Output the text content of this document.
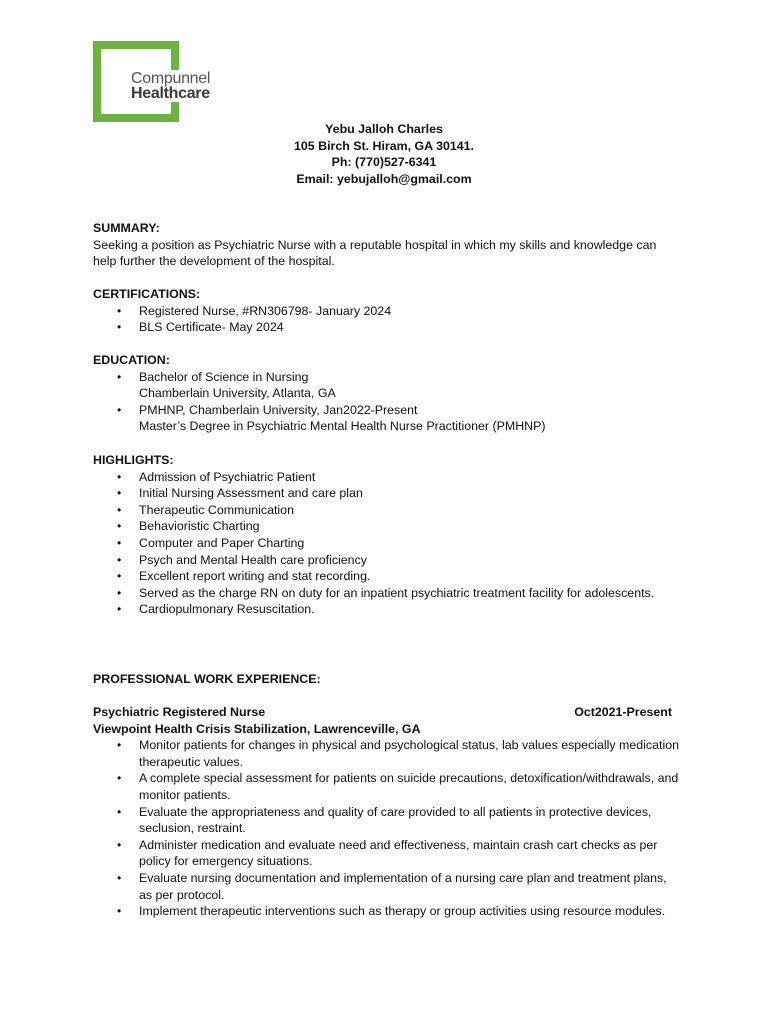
Compunnel
Healthcare
Yebu Jalloh Charles
105 Birch St. Hiram, GA 30141.
Ph: (770)527-6341
Email: yebujalloh@gmail.com
SUMMARY:

Seeking a position as Psychiatric Nurse with a reputable hospital in which my skills and knowledge can help further the development of the hospital.

CERTIFICATIONS:
• Registered Nurse, #RN306798- January 2024
• BLS Certificate- May 2024
EDUCATION:
• Bachelor of Science in Nursing
Chamberlain University, Atlanta, GA
• PMHNP, Chamberlain University, Jan2022-Present
Master’s Degree in Psychiatric Mental Health Nurse Practitioner (PMHNP)
HIGHLIGHTS:
• Admission of Psychiatric Patient
• Initial Nursing Assessment and care plan
• Therapeutic Communication
• Behavioristic Charting
• Computer and Paper Charting
• Psych and Mental Health care proficiency
• Excellent report writing and stat recording.
• Served as the charge RN on duty for an inpatient psychiatric treatment facility for adolescents.
• Cardiopulmonary Resuscitation.
PROFESSIONAL WORK EXPERIENCE:
Psychiatric Registered Nurse	Oct2021-Present
Viewpoint Health Crisis Stabilization, Lawrenceville, GA
• Monitor patients for changes in physical and psychological status, lab values especially medication therapeutic values.
• A complete special assessment for patients on suicide precautions, detoxification/withdrawals, and monitor patients.
• Evaluate the appropriateness and quality of care provided to all patients in protective devices, seclusion, restraint.
• Administer medication and evaluate need and effectiveness, maintain crash cart checks as per policy for emergency situations.
• Evaluate nursing documentation and implementation of a nursing care plan and treatment plans, as per protocol.
• Implement therapeutic interventions such as therapy or group activities using resource modules.
